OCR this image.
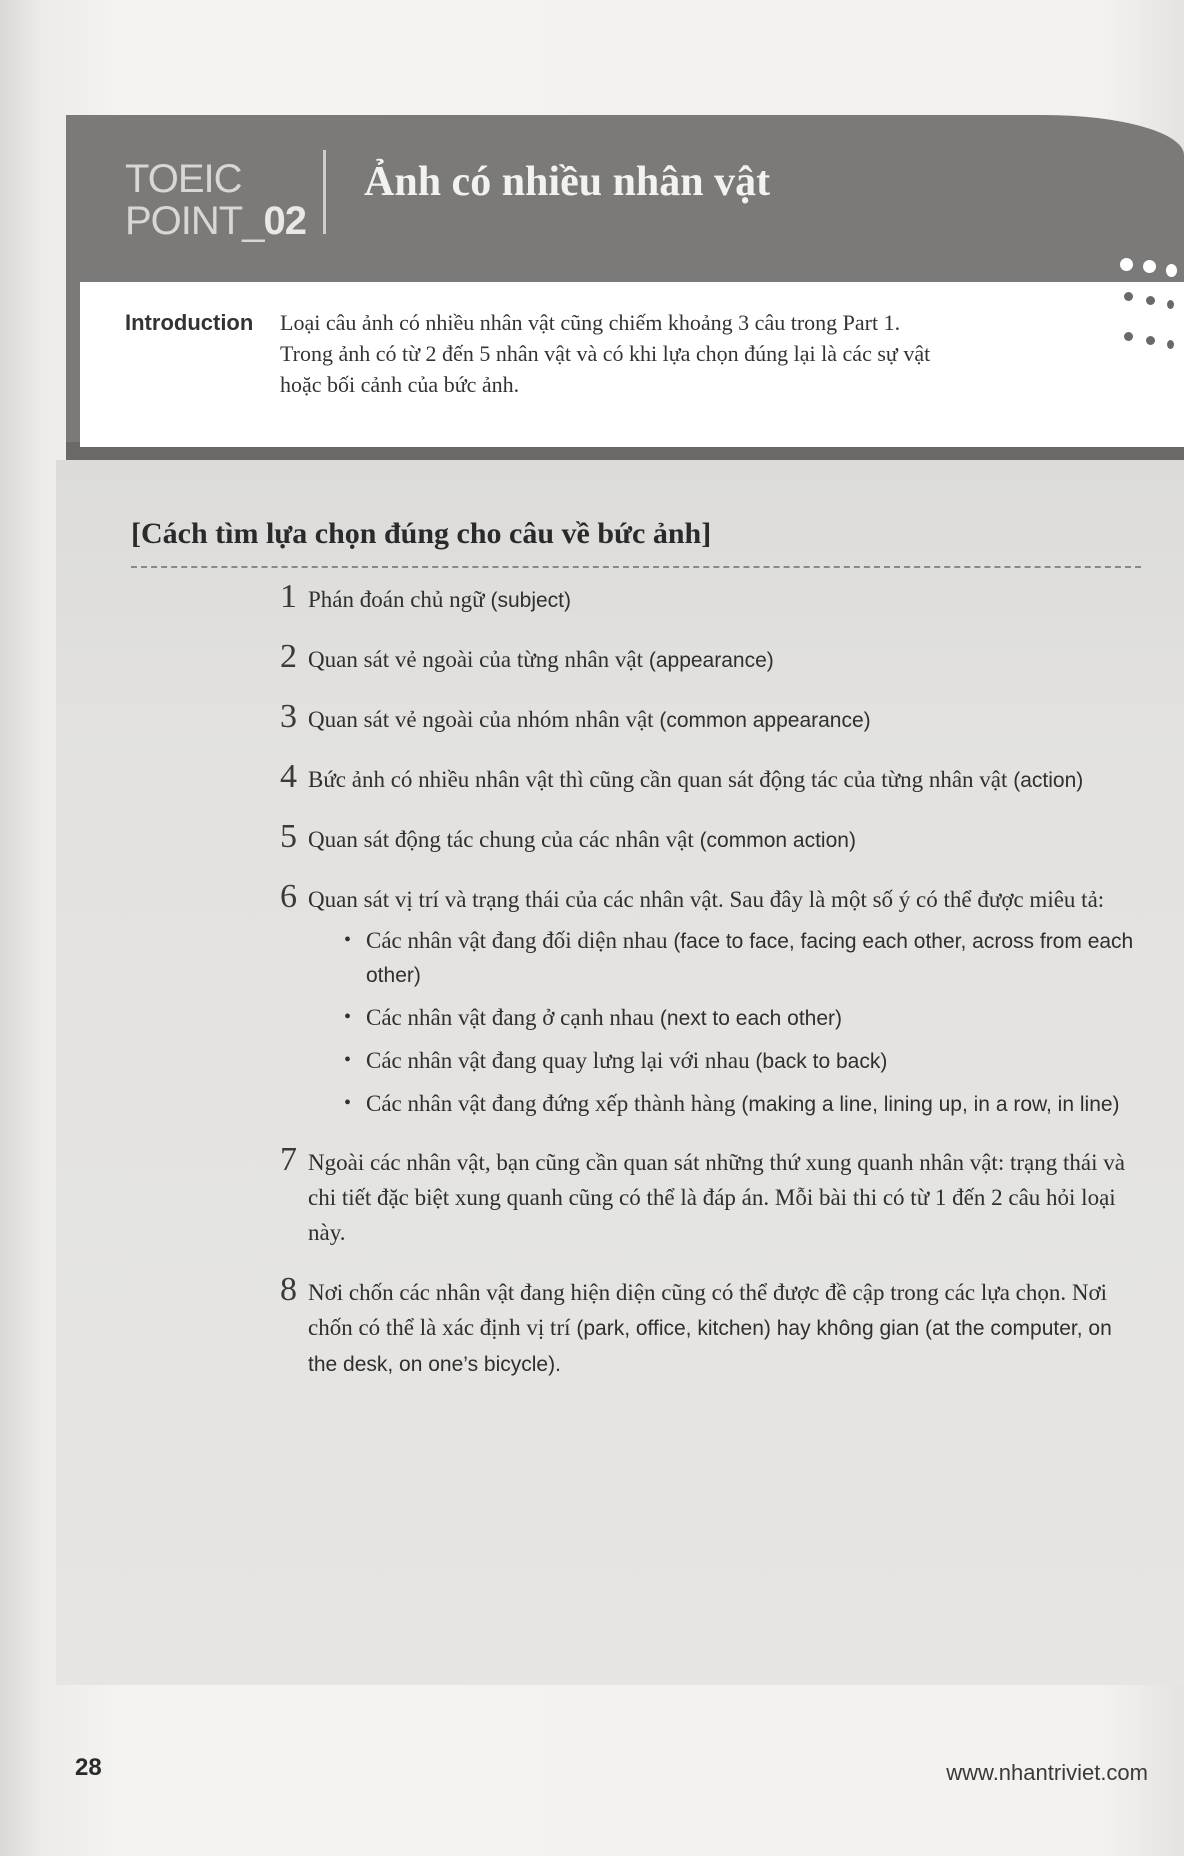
TOEIC
POINT_02
Ảnh có nhiều nhân vật
Introduction Loại câu ảnh có nhiều nhân vật cũng chiếm khoảng 3 câu trong Part 1.
Trong ảnh có từ 2 đến 5 nhân vật và có khi lựa chọn đúng lại là các sự vật
hoặc bối cảnh của bức ảnh.
[Cách tìm lựa chọn đúng cho câu về bức ảnh]
1 Phán đoán chủ ngữ (subject)
2 Quan sát vẻ ngoài của từng nhân vật (appearance)
3 Quan sát vẻ ngoài của nhóm nhân vật (common appearance)
4 Bức ảnh có nhiều nhân vật thì cũng cần quan sát động tác của từng nhân vật (action)
5 Quan sát động tác chung của các nhân vật (common action)
6 Quan sát vị trí và trạng thái của các nhân vật. Sau đây là một số ý có thể được miêu tả:
• Các nhân vật đang đối diện nhau (face to face, facing each other, across from each other)
• Các nhân vật đang ở cạnh nhau (next to each other)
• Các nhân vật đang quay lưng lại với nhau (back to back)
• Các nhân vật đang đứng xếp thành hàng (making a line, lining up, in a row, in line)
7 Ngoài các nhân vật, bạn cũng cần quan sát những thứ xung quanh nhân vật: trạng thái và chi tiết đặc biệt xung quanh cũng có thể là đáp án. Mỗi bài thi có từ 1 đến 2 câu hỏi loại này.
8 Nơi chốn các nhân vật đang hiện diện cũng có thể được đề cập trong các lựa chọn. Nơi chốn có thể là xác định vị trí (park, office, kitchen) hay không gian (at the computer, on the desk, on one’s bicycle).
28	www.nhantriviet.com
